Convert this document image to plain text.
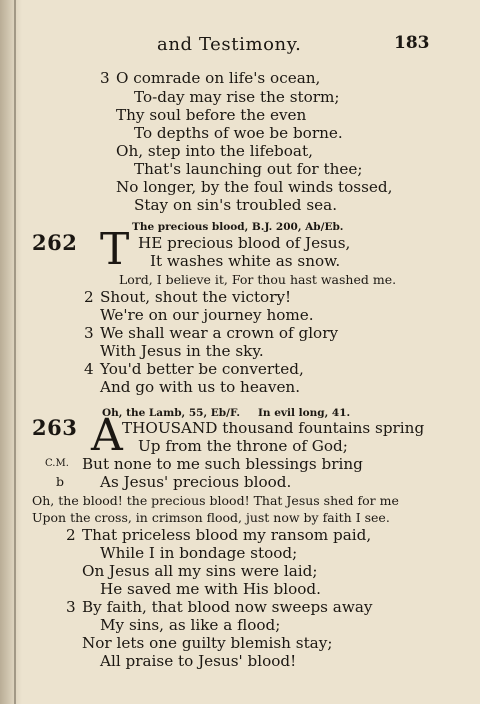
and Testimony.	183
3 O comrade on life's ocean,
To-day may rise the storm;
Thy soul before the even
To depths of woe be borne.
Oh, step into the lifeboat,
That's launching out for thee;
No longer, by the foul winds tossed,
Stay on sin's troubled sea.
The precious blood, B.J. 200, Ab/Eb.
262 T HE precious blood of Jesus,
It washes white as snow.
Lord, I believe it, For thou hast washed me.
2 Shout, shout the victory!
We're on our journey home.
3 We shall wear a crown of glory
With Jesus in the sky.
4 You'd better be converted,
And go with us to heaven.
Oh, the Lamb, 55, Eb/F. In evil long, 41.
263 A THOUSAND thousand fountains spring
Up from the throne of God;
C.M. But none to me such blessings bring
b As Jesus' precious blood.
Oh, the blood! the precious blood! That Jesus shed for me
Upon the cross, in crimson flood, just now by faith I see.
2 That priceless blood my ransom paid,
While I in bondage stood;
On Jesus all my sins were laid;
He saved me with His blood.
3 By faith, that blood now sweeps away
My sins, as like a flood;
Nor lets one guilty blemish stay;
All praise to Jesus' blood!
